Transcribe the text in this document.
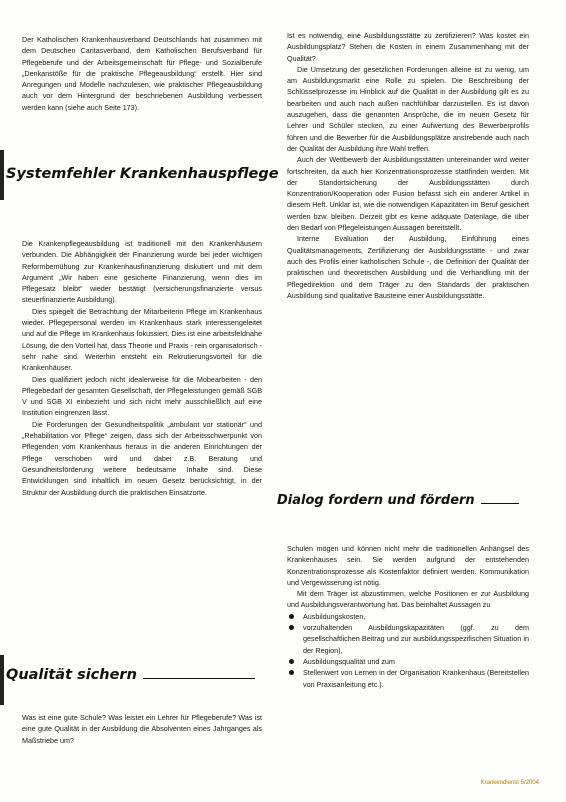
Der Katholischen Krankenhausverband Deutschlands hat zusammen mit dem Deutschen Caritasverband, dem Katholischen Berufsverband für Pflegeberufe und der Arbeitsgemeinschaft für Pflege- und Sozialberufe „Denkanstöße für die praktische Pflegeausbildung“ erstellt. Hier sind Anregungen und Modelle nachzulesen, wie praktischer Pflegeausbildung auch vor dem Hintergrund der beschriebenen Ausbildung verbessert werden kann (siehe auch Seite 173).

Systemfehler Krankenhauspflege

Die Krankenpflegeausbildung ist traditionell mit den Krankenhäusern verbunden. Die Abhängigkeit der Finanzierung wurde bei jeder wichtigen Reformbemühung zur Krankenhausfinanzierung diskutiert und mit dem Argument „Wir haben eine gesicherte Finanzierung, wenn dies im Pflegesatz bleibt“ wieder bestätigt (versicherungsfinanzierte versus steuerfinanzierte Ausbildung).

Dies spiegelt die Betrachtung der Mitarbeiterin Pflege im Krankenhaus wieder. Pflegepersonal werden im Krankenhaus stark interessengeleitet und auf die Pflege im Krankenhaus fokussiert. Dies ist eine arbeitsfeldnahe Lösung, die den Vorteil hat, dass Theorie und Praxis - rein organisatorisch - sehr nahe sind. Weiterhin entsteht ein Rekrutierungsvorteil für die Krankenhäuser.

Dies qualifiziert jedoch nicht idealerweise für die Mobearbeiten - den Pflegebedarf der gesamten Gesellschaft, der Pflegeleistungen gemäß SGB V und SGB XI einbezieht und sich nicht mehr ausschließlich auf eine Institution eingrenzen lässt.

Die Forderungen der Gesundheitspolitik „ambulant vor stationär“ und „Rehabilitation vor Pflege“ zeigen, dass sich der Arbeitsschwerpunkt von Pflegenden vom Krankenhaus heraus in die anderen Einrichtungen der Pflege verschoben wird und dabei z.B. Beratung und Gesundheitsförderung weitere bedeutsame Inhalte sind. Diese Entwicklungen sind inhaltlich im neuen Gesetz berücksichtigt, in der Struktur der Ausbildung durch die praktischen Einsatzorte.

Qualität sichern

Was ist eine gute Schule? Was leistet ein Lehrer für Pflegeberufe? Was ist eine gute Qualität in der Ausbildung die Absolventen eines Jahrganges als Maßstriebe um?

Ist es notwendig, eine Ausbildungsstätte zu zertifizieren? Was kostet ein Ausbildungsplatz? Stehen die Kosten in einem Zusammenhang mit der Qualität?

Die Umsetzung der gesetzlichen Forderungen alleine ist zu wenig, um am Ausbildungsmarkt eine Rolle zu spielen. Die Beschreibung der Schlüsselprozesse im Hinblick auf die Qualität in der Ausbildung gilt es zu bearbeiten und auch nach außen nachfühlbar darzustellen. Es ist davon auszugehen, dass die genannten Ansprüche, die im neuen Gesetz für Lehrer und Schüler stecken, zu einer Aufwertung des Bewerberprofils führen und die Bewerber für die Ausbildungsplätze anstrebende auch nach der Qualität der Ausbildung ihre Wahl treffen.

Auch der Wettbewerb der Ausbildungsstätten untereinander wird weiter fortschreiten, da auch hier Konzentrationsprozesse stattfinden werden. Mit der Standortsicherung der Ausbildungsstätten durch Konzentration/Kooperation oder Fusion befasst sich ein anderer Artikel in diesem Heft. Unklar ist, wie die notwendigen Kapazitäten im Beruf gesichert werden bzw. bleiben. Derzeit gibt es keine adäquate Datenlage, die über den Bedarf von Pflegeleistungen Aussagen bereitstellt.

Interne Evaluation der Ausbildung, Einführung eines Qualitätsmanagements, Zertifizierung der Ausbildungsstätte - und zwar auch des Profils einer katholischen Schule -, die Definition der Qualität der praktischen und theoretischen Ausbildung und die Verhandlung mit der Pflegedirektion und dem Träger zu den Standards der praktischen Ausbildung sind qualitative Bausteine einer Ausbildungsstätte.

Dialog fordern und fördern

Schulen mögen und können nicht mehr die traditionellen Anhängsel des Krankenhauses sein. Sie werden aufgrund der entstehenden Konzentrationsprozesse als Kostenfaktor definiert werden. Kommunikation und Vergewisserung ist nötig.

Mit dem Träger ist abzustimmen, welche Positionen er zur Ausbildung und Ausbildungsverantwortung hat. Das beinhaltet Aussagen zu

Ausbildungskosten,
vorzuhaltenden Ausbildungskapazitäten (ggf. zu dem gesellschaftlichen Beitrag und zur ausbildungsspezifischen Situation in der Region),
Ausbildungsqualität und zum
Stellenwert von Lernen in der Organisation Krankenhaus (Bereitstellen von Praxisanleitung etc.).
Krankendienst 5/2004
